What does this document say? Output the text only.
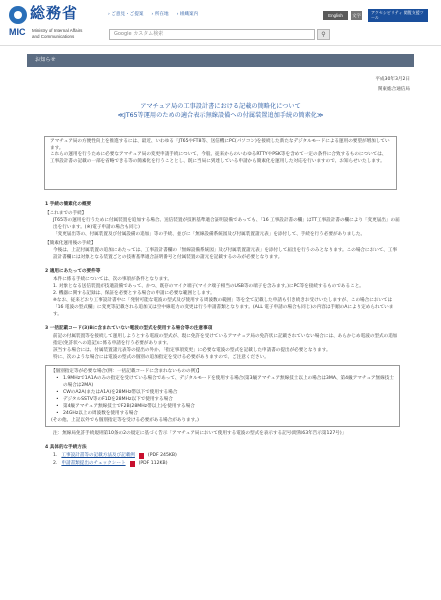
総務省
MIC Ministry of Internal Affairs
and Communications
› ご意見・ご提案 › 所在地 › 組織案内	English	文字
アクセシビリティ 閲覧支援ツール
Google カスタム検索	⚲
お知らせ
平成30年3月2日
関東総合通信局
アマチュア局の工事設計書における記載の簡略化について
≪JT65等運用のための適合表示無線設備への付属装置追加手続の簡素化≫

アマチュア局の方便性向上を推進するには、最近、いわゆる「JT65やFT8等、送信機にPC(パソコン)を接続した新たなデジタルモードによる運用の要望が増加しています。

これらの運用を行うために必要なアマチュア局の変更申請手続について、今般、従来からのいわゆるRTTYやPSK等を含めて一定の条件に合致するものについては、工事設計書の記載の一部を省略できる等の簡素化を行うこととし、既に当局に到達している申請から簡素化を運用した対応を行いますので、お知らせいたします。

1 手続の簡素化の概要
【これまでの手続】

JT65等の運用を行うために付属装置を追加する場合、送信装置が技術基準適合証明設備であっても、「16 工事設計書の欄」はTT工事設計書の欄により「変更届出」の届出を行います。(※)電子申請の場合も同じ)

「変更届出等の、付属装置及び付属設備の追加」等の手続、並びに「無線設備系統図及び付属装置諸元表」を添付して、手続を行う必要がありました。

【簡素化運用後の手続】

今後は、上記付属装置の追加にあたっては、工事設計書欄の「無線設備系統図」及び付属装置諸元表」を添付して届出を行うのみとなります。この場合において、工事設計書欄には対象となる装置ごとの技術基準適合証明番号と付属装置の諸元を記載するのみが必要となります。

2 適用にあたっての要件等

本件に係る手続については、次の事項が条件となります。

1. 対象となる送信装置が技適設備であって、かつ、既存のマイク端子(マイク端子相当のUSB等の端子を含みます。)にPC等を接続するものであること。

2. 機器に関する記録は、保証を必要とする場合の申請に必要な範囲とします。

※なお、従来どおり工事設計書中に「発射可能な電波の型式及び使用する周波数の範囲」等を全て記載した申請も引き続きお受けいたしますが、この場合においては「16 電波の型式欄」に変更等記載される追加又は空中線電力の変更は行う申請書類となります。(ALL 電子申請の場合も同じ)の内容は手順のAにより定められています。

3 一括記載コード(3)Bに含まれていない電波の型式を使用する場合等の注意事項

前記の付属装置等を接続して運用しようとする電波の型式が、現に免許を受けているアマチュア局の免許状に記載されていない場合には、あらかじめ電波の型式の追加指定(免許状への追記)に係る申請を行う必要があります。

該当する場合には、付属装置諸元表等の提出の外か、「指定事項変更」に必要な電波の型式を記載した申請書の提出が必要となります。

特に、次のような場合には電波の型式の個別の追加指定を受ける必要がありますので、ご注意ください。

【個別指定等が必要な場合(例：一括記載コードに含まれないものの例)】
• 1.9MHzで1A1Aのみの指定を受けている場合であって、デジタルモードを使用する場合(第3級アマチュア無線技士以上の場合は3MA、第4級アマチュア無線技士の場合は2MA)
• CWのA2A(またはA1A)を28MHz帯以下で使用する場合
• デジタルSSTV等のF1Dを28MHz以下で使用する場合
• 第4級アマチュア無線技士でF2B(28MHz帯以上)を使用する場合
• 24GHz以上の周波数を使用する場合
(その他、上記以外でも個別指定等を受ける必要がある場合があります。)

注：無線局免許手続規則第10条の2の規定に基づく告示「アマチュア局において使用する電波の型式を表示する記号(昭和63年告示第127号)」

4 具体的な手続方法
1. 工事設計書等の記載方法及び記載例	(PDF 245KB)
2. 申請書類提出のチェックシート	(PDF 112KB)
